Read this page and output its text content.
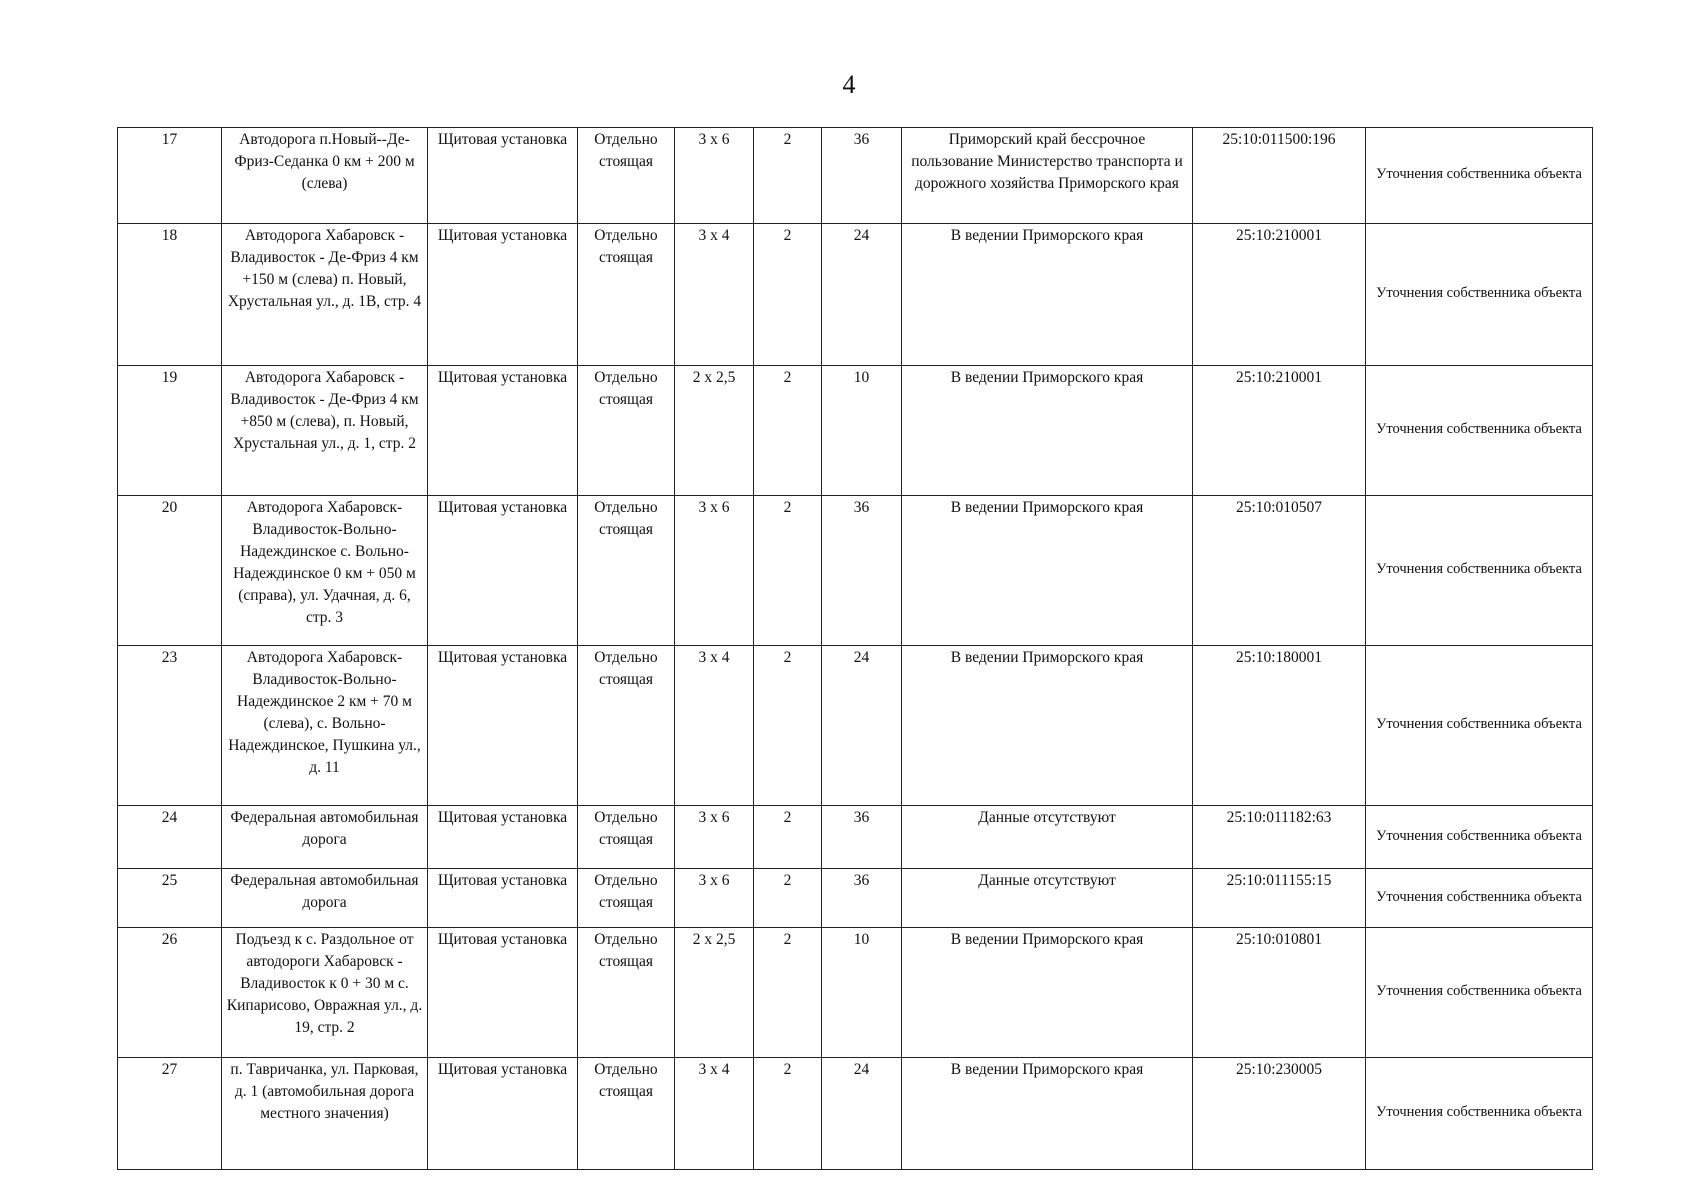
4
17	Автодорога п.Новый--Де-Фриз-Седанка 0 км + 200 м (слева)	Щитовая установка	Отдельно стоящая	3 х 6	2	36	Приморский край бессрочное пользование Министерство транспорта и дорожного хозяйства Приморского края	25:10:011500:196	Уточнения собственника объекта
18	Автодорога Хабаровск - Владивосток - Де-Фриз 4 км +150 м (слева) п. Новый, Хрустальная ул., д. 1В, стр. 4	Щитовая установка	Отдельно стоящая	3 х 4	2	24	В ведении Приморского края	25:10:210001	Уточнения собственника объекта
19	Автодорога Хабаровск - Владивосток - Де-Фриз 4 км +850 м (слева), п. Новый, Хрустальная ул., д. 1, стр. 2	Щитовая установка	Отдельно стоящая	2 х 2,5	2	10	В ведении Приморского края	25:10:210001	Уточнения собственника объекта
20	Автодорога Хабаровск-Владивосток-Вольно-Надеждинское с. Вольно-Надеждинское 0 км + 050 м (справа), ул. Удачная, д. 6, стр. 3	Щитовая установка	Отдельно стоящая	3 х 6	2	36	В ведении Приморского края	25:10:010507	Уточнения собственника объекта
23	Автодорога Хабаровск-Владивосток-Вольно-Надеждинское 2 км + 70 м (слева), с. Вольно-Надеждинское, Пушкина ул., д. 11	Щитовая установка	Отдельно стоящая	3 х 4	2	24	В ведении Приморского края	25:10:180001	Уточнения собственника объекта
24	Федеральная автомобильная дорога	Щитовая установка	Отдельно стоящая	3 х 6	2	36	Данные отсутствуют	25:10:011182:63	Уточнения собственника объекта
25	Федеральная автомобильная дорога	Щитовая установка	Отдельно стоящая	3 х 6	2	36	Данные отсутствуют	25:10:011155:15	Уточнения собственника объекта
26	Подъезд к с. Раздольное от автодороги Хабаровск - Владивосток к 0 + 30 м с. Кипарисово, Овражная ул., д. 19, стр. 2	Щитовая установка	Отдельно стоящая	2 х 2,5	2	10	В ведении Приморского края	25:10:010801	Уточнения собственника объекта
27	п. Тавричанка, ул. Парковая, д. 1 (автомобильная дорога местного значения)	Щитовая установка	Отдельно стоящая	3 х 4	2	24	В ведении Приморского края	25:10:230005	Уточнения собственника объекта
